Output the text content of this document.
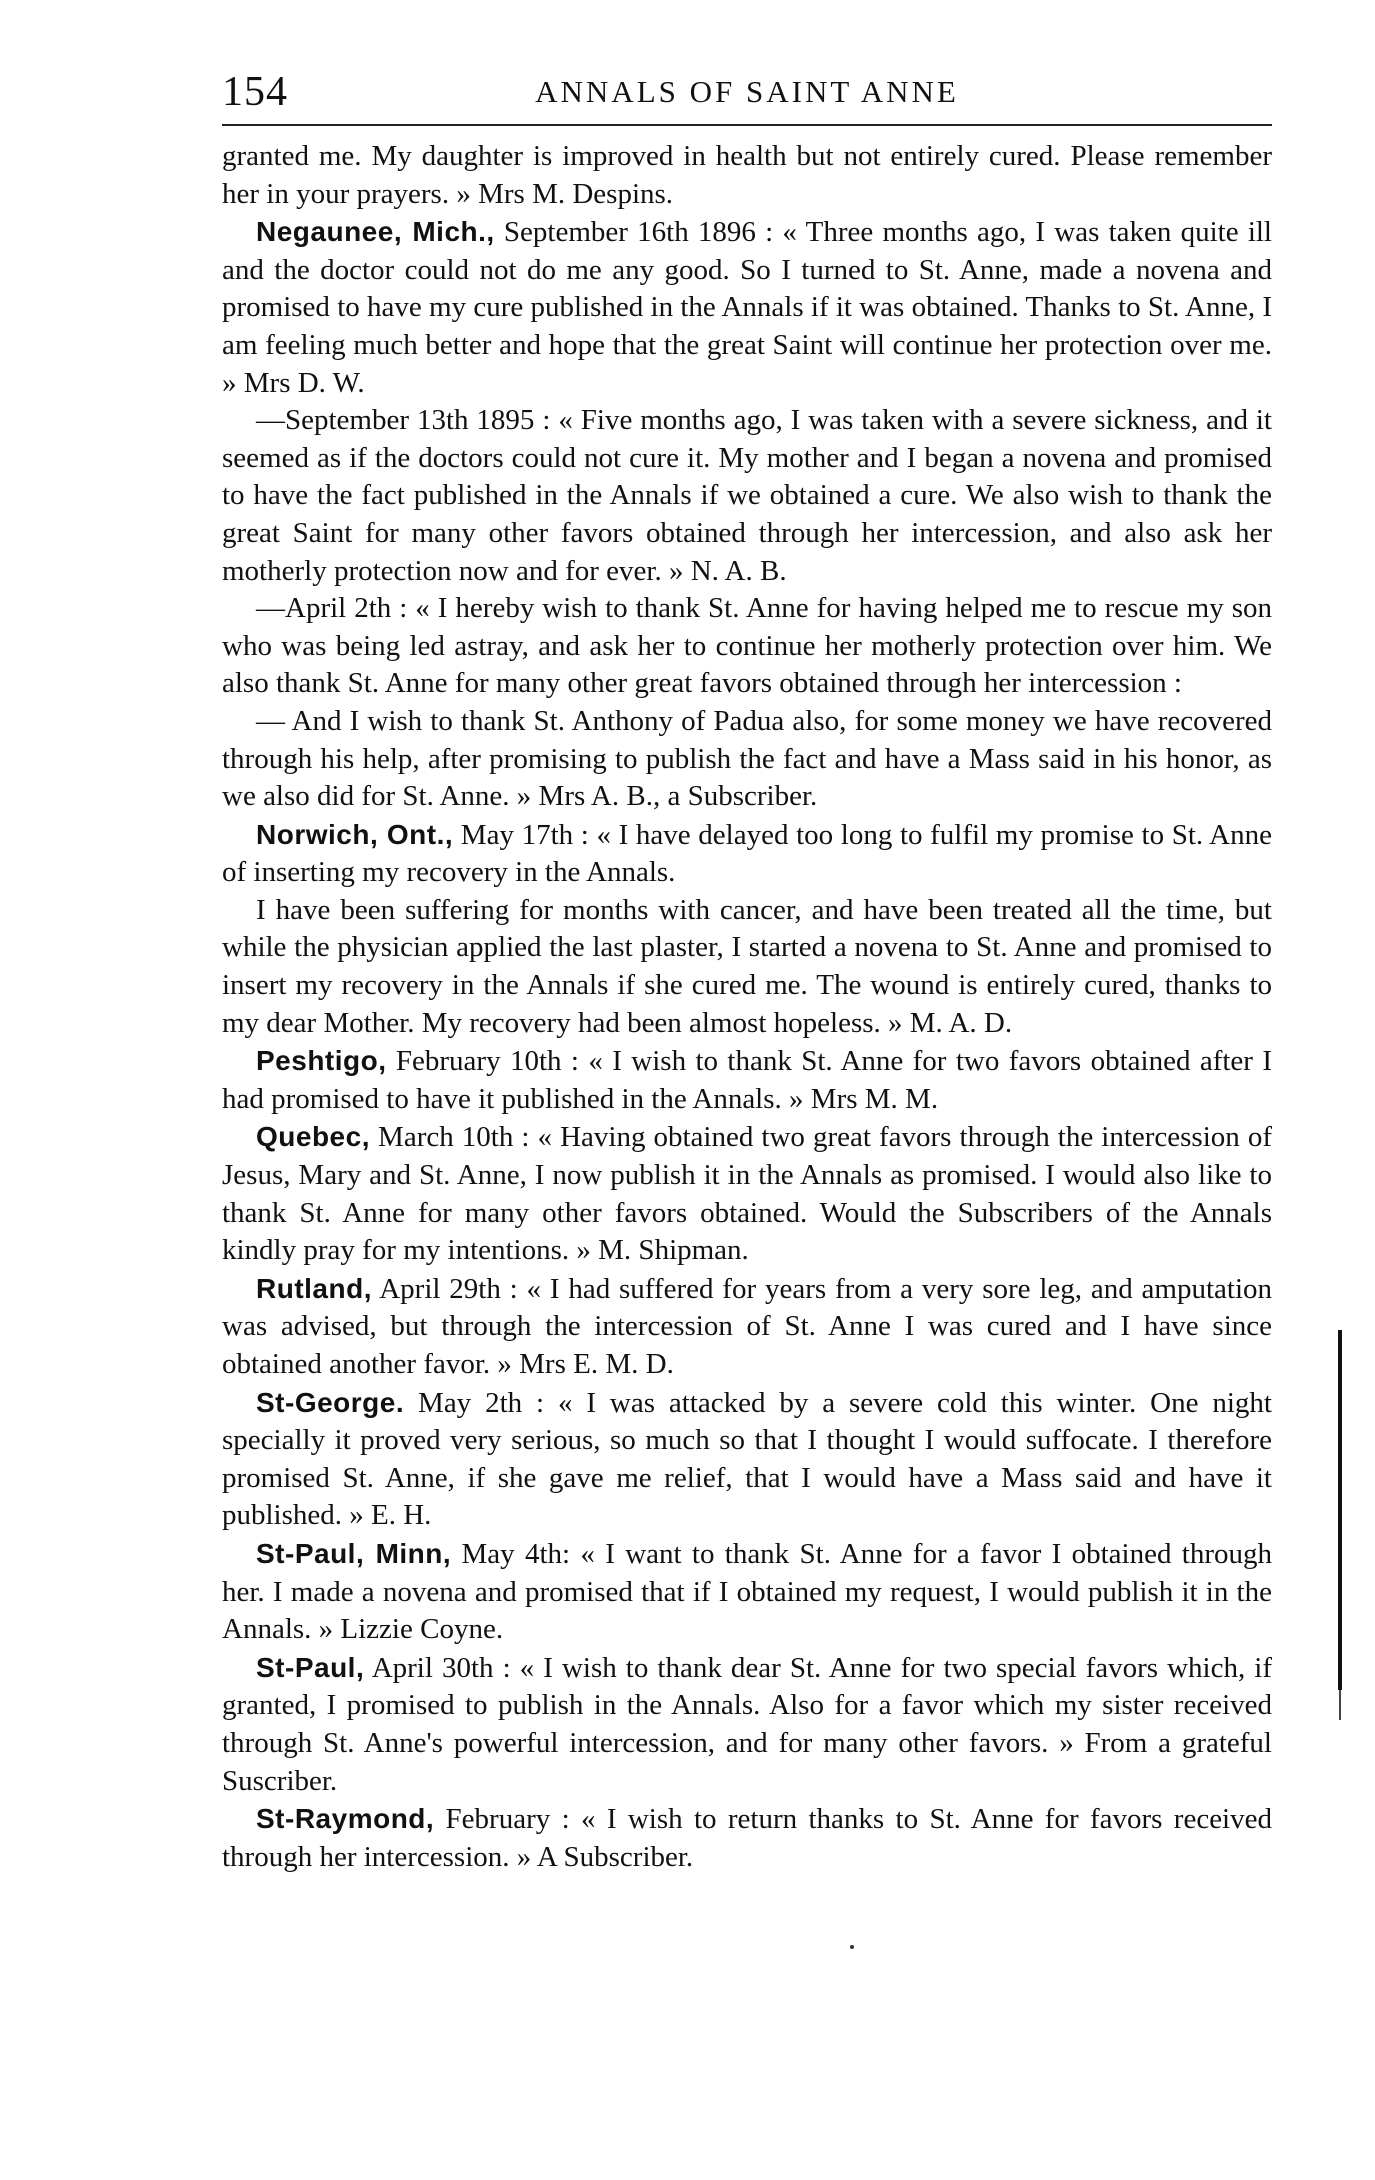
154	ANNALS OF SAINT ANNE

granted me. My daughter is improved in health but not entirely cured. Please remember her in your prayers. » Mrs M. Despins.

Negaunee, Mich., September 16th 1896 : « Three months ago, I was taken quite ill and the doctor could not do me any good. So I turned to St. Anne, made a novena and promised to have my cure published in the Annals if it was obtained. Thanks to St. Anne, I am feeling much better and hope that the great Saint will continue her protection over me. » Mrs D. W.

—September 13th 1895 : « Five months ago, I was taken with a severe sickness, and it seemed as if the doctors could not cure it. My mother and I began a novena and promised to have the fact published in the Annals if we obtained a cure. We also wish to thank the great Saint for many other favors obtained through her intercession, and also ask her motherly protection now and for ever. » N. A. B.

—April 2th : « I hereby wish to thank St. Anne for having helped me to rescue my son who was being led astray, and ask her to continue her motherly protection over him. We also thank St. Anne for many other great favors obtained through her intercession :

— And I wish to thank St. Anthony of Padua also, for some money we have recovered through his help, after promising to publish the fact and have a Mass said in his honor, as we also did for St. Anne. » Mrs A. B., a Subscriber.

Norwich, Ont., May 17th : « I have delayed too long to fulfil my promise to St. Anne of inserting my recovery in the Annals.

I have been suffering for months with cancer, and have been treated all the time, but while the physician applied the last plaster, I started a novena to St. Anne and promised to insert my recovery in the Annals if she cured me. The wound is entirely cured, thanks to my dear Mother. My recovery had been almost hopeless. » M. A. D.

Peshtigo, February 10th : « I wish to thank St. Anne for two favors obtained after I had promised to have it published in the Annals. » Mrs M. M.

Quebec, March 10th : « Having obtained two great favors through the intercession of Jesus, Mary and St. Anne, I now publish it in the Annals as promised. I would also like to thank St. Anne for many other favors obtained. Would the Subscribers of the Annals kindly pray for my intentions. » M. Shipman.

Rutland, April 29th : « I had suffered for years from a very sore leg, and amputation was advised, but through the intercession of St. Anne I was cured and I have since obtained another favor. » Mrs E. M. D.

St-George. May 2th : « I was attacked by a severe cold this winter. One night specially it proved very serious, so much so that I thought I would suffocate. I therefore promised St. Anne, if she gave me relief, that I would have a Mass said and have it published. » E. H.

St-Paul, Minn, May 4th: « I want to thank St. Anne for a favor I obtained through her. I made a novena and promised that if I obtained my request, I would publish it in the Annals. » Lizzie Coyne.

St-Paul, April 30th : « I wish to thank dear St. Anne for two special favors which, if granted, I promised to publish in the Annals. Also for a favor which my sister received through St. Anne's powerful intercession, and for many other favors. » From a grateful Suscriber.

St-Raymond, February : « I wish to return thanks to St. Anne for favors received through her intercession. » A Subscriber.
